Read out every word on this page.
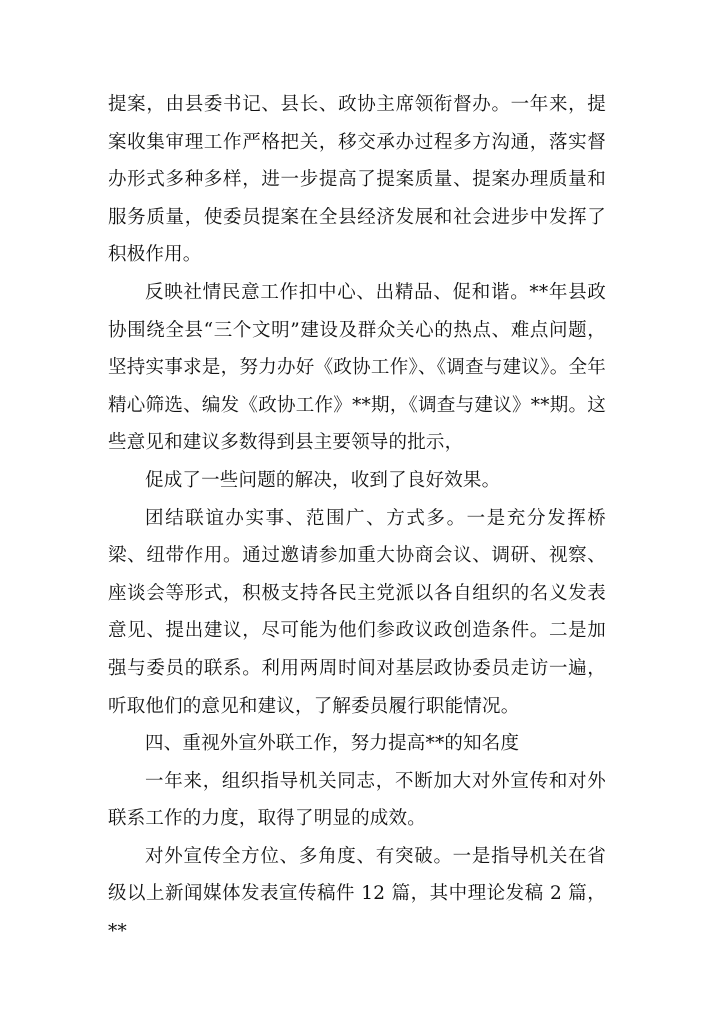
提案，由县委书记、县长、政协主席领衔督办。一年来，提案收集审理工作严格把关，移交承办过程多方沟通，落实督办形式多种多样，进一步提高了提案质量、提案办理质量和服务质量，使委员提案在全县经济发展和社会进步中发挥了积极作用。

反映社情民意工作扣中心、出精品、促和谐。**年县政协围绕全县“三个文明”建设及群众关心的热点、难点问题，坚持实事求是，努力办好《政协工作》、《调查与建议》。全年精心筛选、编发《政协工作》**期，《调查与建议》**期。这些意见和建议多数得到县主要领导的批示，

促成了一些问题的解决，收到了良好效果。

团结联谊办实事、范围广、方式多。一是充分发挥桥梁、纽带作用。通过邀请参加重大协商会议、调研、视察、座谈会等形式，积极支持各民主党派以各自组织的名义发表意见、提出建议，尽可能为他们参政议政创造条件。二是加强与委员的联系。利用两周时间对基层政协委员走访一遍，听取他们的意见和建议，了解委员履行职能情况。

四、重视外宣外联工作，努力提高**的知名度

一年来，组织指导机关同志，不断加大对外宣传和对外联系工作的力度，取得了明显的成效。

对外宣传全方位、多角度、有突破。一是指导机关在省级以上新闻媒体发表宣传稿件 12 篇，其中理论发稿 2 篇，**
